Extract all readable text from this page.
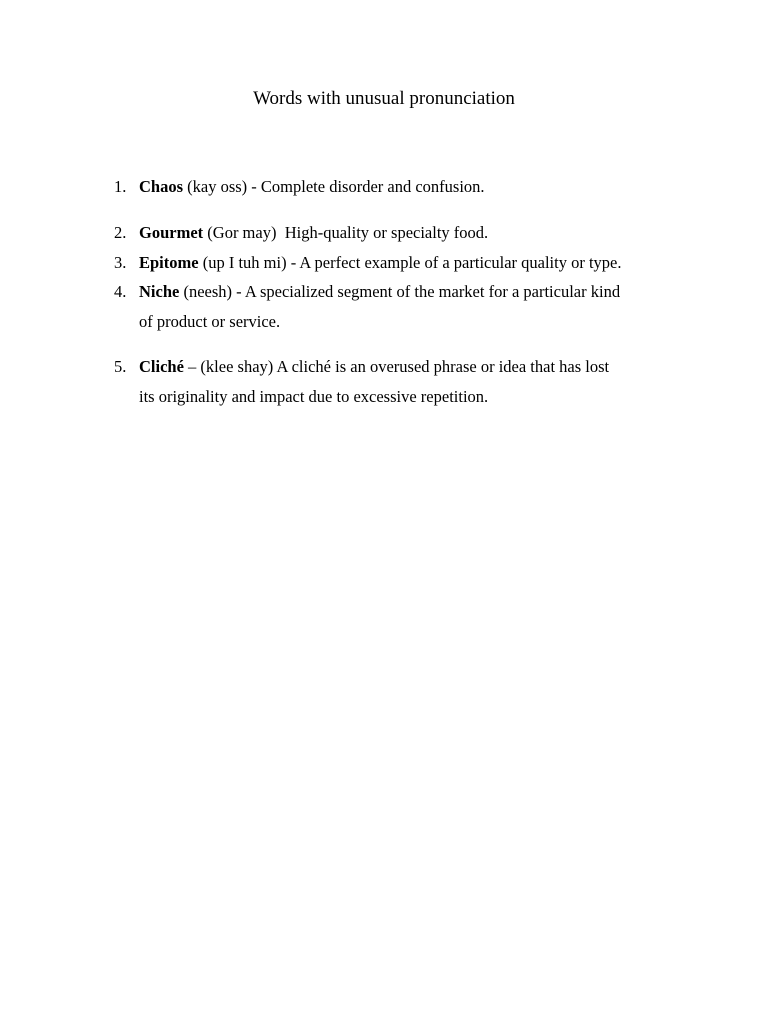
Words with unusual pronunciation
1. Chaos (kay oss) - Complete disorder and confusion.
2. Gourmet (Gor may)  High-quality or specialty food.
3. Epitome (up I tuh mi) - A perfect example of a particular quality or type.
4. Niche (neesh) - A specialized segment of the market for a particular kind
of product or service.
5. Cliché – (klee shay) A cliché is an overused phrase or idea that has lost
its originality and impact due to excessive repetition.
